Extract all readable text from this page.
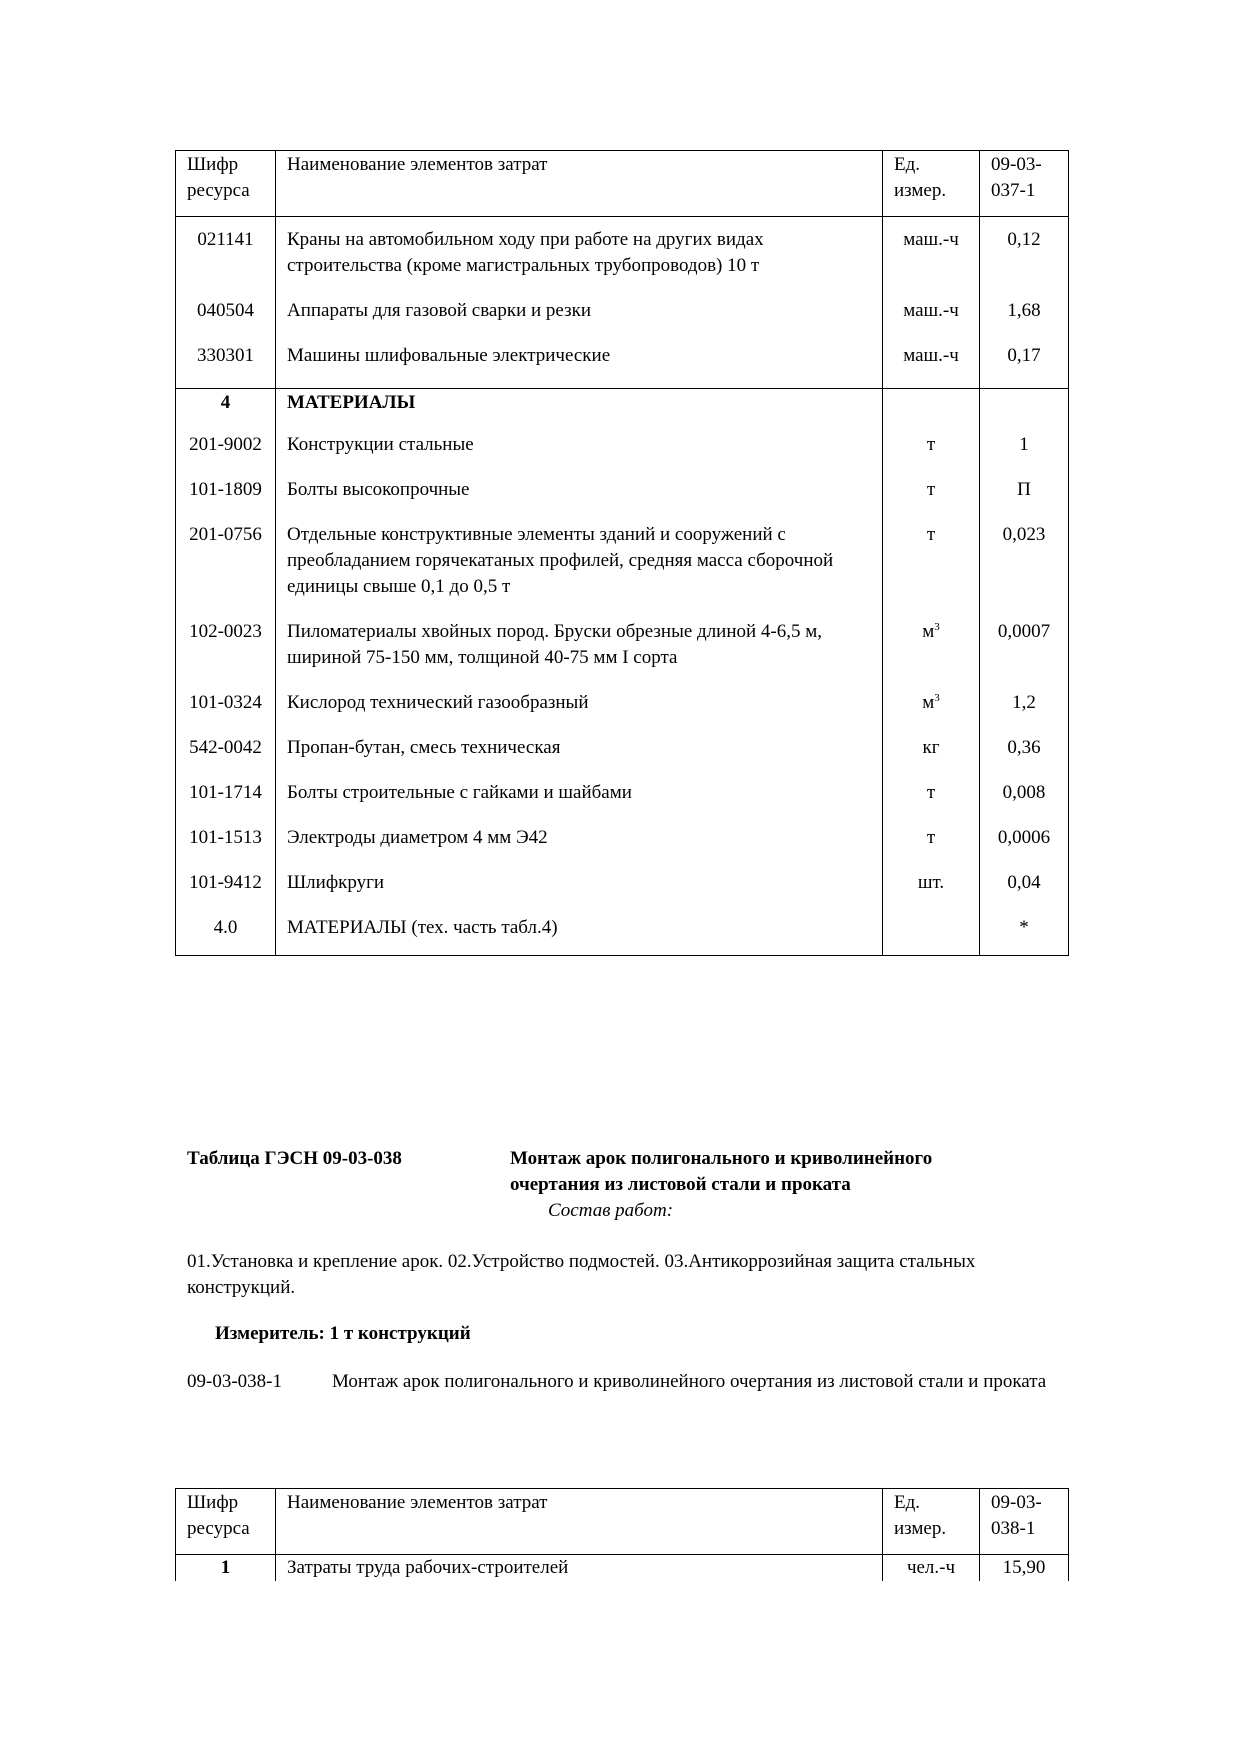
Шифр ресурса	Наименование элементов затрат	Ед. измер.	09-03-037-1
021141	Краны на автомобильном ходу при работе на других видах строительства (кроме магистральных трубопроводов) 10 т	маш.-ч	0,12
040504	Аппараты для газовой сварки и резки	маш.-ч	1,68
330301	Машины шлифовальные электрические	маш.-ч	0,17
4	МАТЕРИАЛЫ		
201-9002	Конструкции стальные	т	1
101-1809	Болты высокопрочные	т	П
201-0756	Отдельные конструктивные элементы зданий и сооружений с преобладанием горячекатаных профилей, средняя масса сборочной единицы свыше 0,1 до 0,5 т	т	0,023
102-0023	Пиломатериалы хвойных пород. Бруски обрезные длиной 4-6,5 м, шириной 75-150 мм, толщиной 40-75 мм I сорта	$м^3$	0,0007
101-0324	Кислород технический газообразный	$м^3$	1,2
542-0042	Пропан-бутан, смесь техническая	кг	0,36
101-1714	Болты строительные с гайками и шайбами	т	0,008
101-1513	Электроды диаметром 4 мм Э42	т	0,0006
101-9412	Шлифкруги	шт.	0,04
4.0	МАТЕРИАЛЫ (тех. часть табл.4)		*
Таблица ГЭСН 09-03-038	Монтаж арок полигонального и криволинейного очертания из листовой стали и проката
Состав работ:
01.Установка и крепление арок. 02.Устройство подмостей. 03.Антикоррозийная защита стальных конструкций.
Измеритель: 1 т конструкций
09-03-038-1	Монтаж арок полигонального и криволинейного очертания из листовой стали и проката
Шифр ресурса	Наименование элементов затрат	Ед. измер.	09-03-038-1
1	Затраты труда рабочих-строителей	чел.-ч	15,90
